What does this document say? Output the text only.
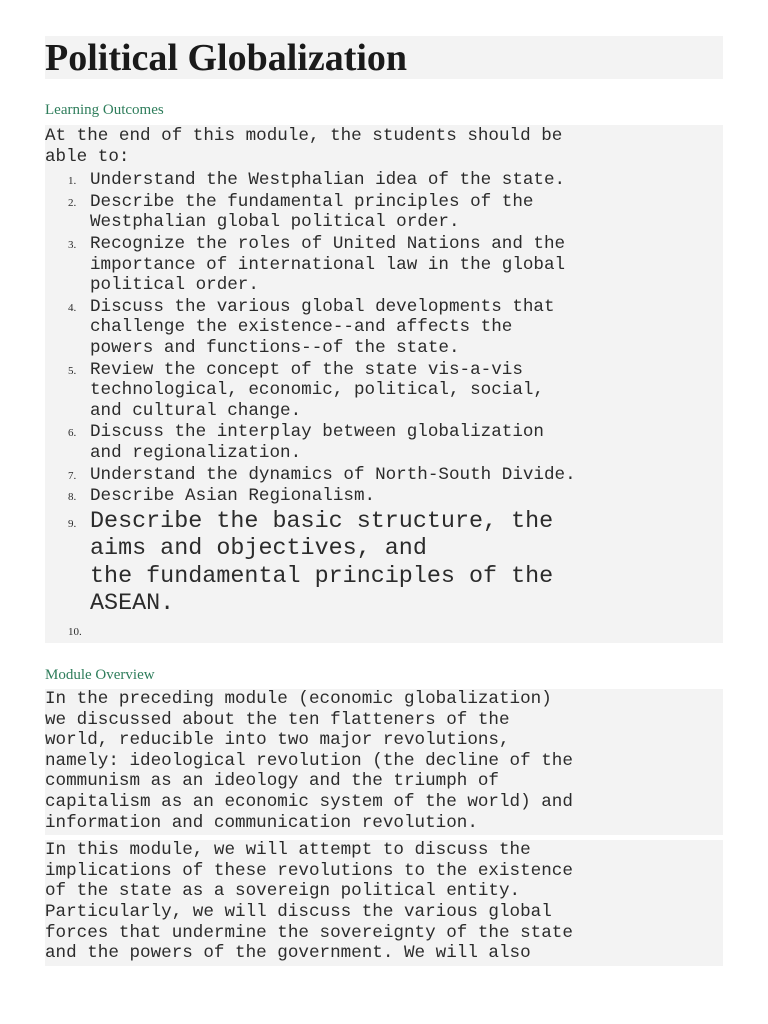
Political Globalization
Learning Outcomes
At the end of this module, the students should be
able to:
1. Understand the Westphalian idea of the state.
2. Describe the fundamental principles of the
Westphalian global political order.
3. Recognize the roles of United Nations and the
importance of international law in the global
political order.
4. Discuss the various global developments that
challenge the existence--and affects the
powers and functions--of the state.
5. Review the concept of the state vis-a-vis
technological, economic, political, social,
and cultural change.
6. Discuss the interplay between globalization
and regionalization.
7. Understand the dynamics of North-South Divide.
8. Describe Asian Regionalism.
9. Describe the basic structure, the
aims and objectives, and
the fundamental principles of the
ASEAN.
10.
Module Overview
In the preceding module (economic globalization)
we discussed about the ten flatteners of the
world, reducible into two major revolutions,
namely: ideological revolution (the decline of the
communism as an ideology and the triumph of
capitalism as an economic system of the world) and
information and communication revolution.
In this module, we will attempt to discuss the
implications of these revolutions to the existence
of the state as a sovereign political entity.
Particularly, we will discuss the various global
forces that undermine the sovereignty of the state
and the powers of the government. We will also
